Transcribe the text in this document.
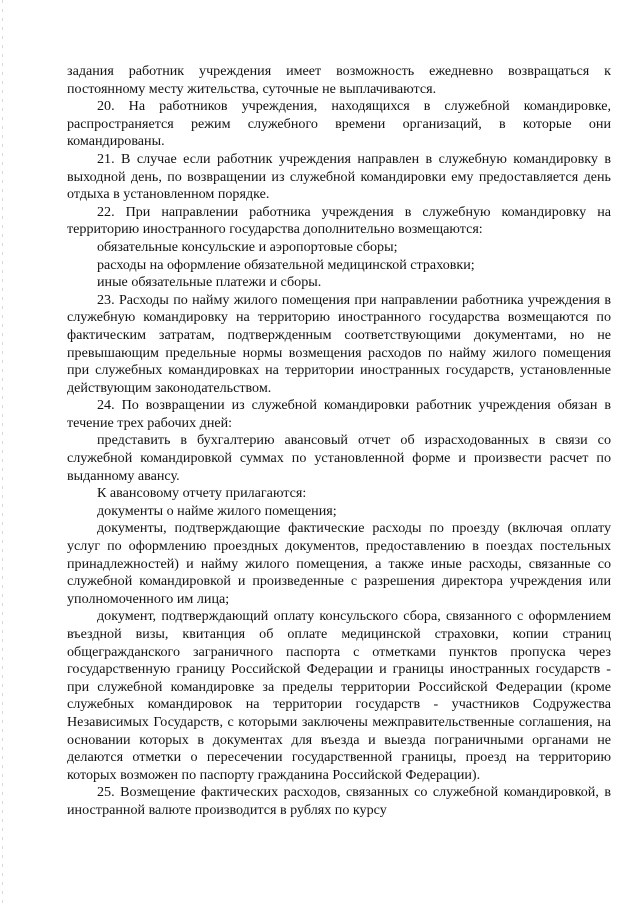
задания работник учреждения имеет возможность ежедневно возвращаться к постоянному месту жительства, суточные не выплачиваются.

20. На работников учреждения, находящихся в служебной командировке, распространяется режим служебного времени организаций, в которые они командированы.

21. В случае если работник учреждения направлен в служебную командировку в выходной день, по возвращении из служебной командировки ему предоставляется день отдыха в установленном порядке.

22. При направлении работника учреждения в служебную командировку на территорию иностранного государства дополнительно возмещаются:

обязательные консульские и аэропортовые сборы;

расходы на оформление обязательной медицинской страховки;

иные обязательные платежи и сборы.

23. Расходы по найму жилого помещения при направлении работника учреждения в служебную командировку на территорию иностранного государства возмещаются по фактическим затратам, подтвержденным соответствующими документами, но не превышающим предельные нормы возмещения расходов по найму жилого помещения при служебных командировках на территории иностранных государств, установленные действующим законодательством.

24. По возвращении из служебной командировки работник учреждения обязан в течение трех рабочих дней:

представить в бухгалтерию авансовый отчет об израсходованных в связи со служебной командировкой суммах по установленной форме и произвести расчет по выданному авансу.

К авансовому отчету прилагаются:

документы о найме жилого помещения;

документы, подтверждающие фактические расходы по проезду (включая оплату услуг по оформлению проездных документов, предоставлению в поездах постельных принадлежностей) и найму жилого помещения, а также иные расходы, связанные со служебной командировкой и произведенные с разрешения директора учреждения или уполномоченного им лица;

документ, подтверждающий оплату консульского сбора, связанного с оформлением въездной визы, квитанция об оплате медицинской страховки, копии страниц общегражданского заграничного паспорта с отметками пунктов пропуска через государственную границу Российской Федерации и границы иностранных государств - при служебной командировке за пределы территории Российской Федерации (кроме служебных командировок на территории государств - участников Содружества Независимых Государств, с которыми заключены межправительственные соглашения, на основании которых в документах для въезда и выезда пограничными органами не делаются отметки о пересечении государственной границы, проезд на территорию которых возможен по паспорту гражданина Российской Федерации).

25. Возмещение фактических расходов, связанных со служебной командировкой, в иностранной валюте производится в рублях по курсу
